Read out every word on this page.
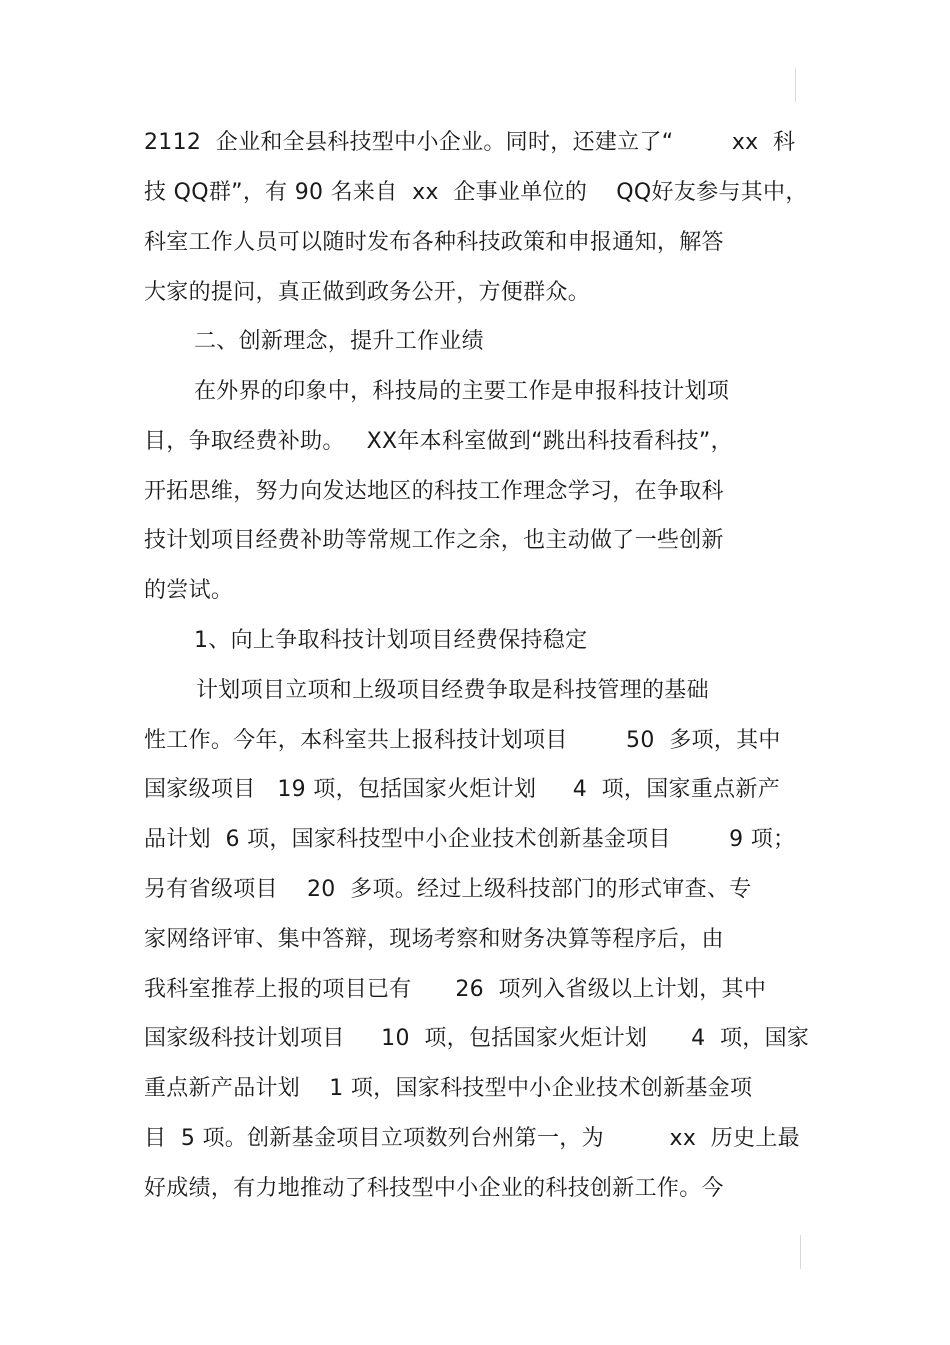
2112  企业和全县科技型中小企业。同时，还建立了“        xx  科
技 QQ群”，有 90 名来自  xx  企事业单位的    QQ好友参与其中，
科室工作人员可以随时发布各种科技政策和申报通知，解答
大家的提问，真正做到政务公开，方便群众。
二、创新理念，提升工作业绩
在外界的印象中，科技局的主要工作是申报科技计划项
目，争取经费补助。   XX年本科室做到“跳出科技看科技”，
开拓思维，努力向发达地区的科技工作理念学习，在争取科
技计划项目经费补助等常规工作之余，也主动做了一些创新
的尝试。
1、向上争取科技计划项目经费保持稳定
计划项目立项和上级项目经费争取是科技管理的基础
性工作。今年，本科室共上报科技计划项目        50  多项，其中
国家级项目   19 项，包括国家火炬计划     4  项，国家重点新产
品计划  6 项，国家科技型中小企业技术创新基金项目        9 项；
另有省级项目    20  多项。经过上级科技部门的形式审查、专
家网络评审、集中答辩，现场考察和财务决算等程序后，由
我科室推荐上报的项目已有      26  项列入省级以上计划，其中
国家级科技计划项目     10  项，包括国家火炬计划      4  项，国家
重点新产品计划    1 项，国家科技型中小企业技术创新基金项
目  5 项。创新基金项目立项数列台州第一，为         xx  历史上最
好成绩，有力地推动了科技型中小企业的科技创新工作。今
